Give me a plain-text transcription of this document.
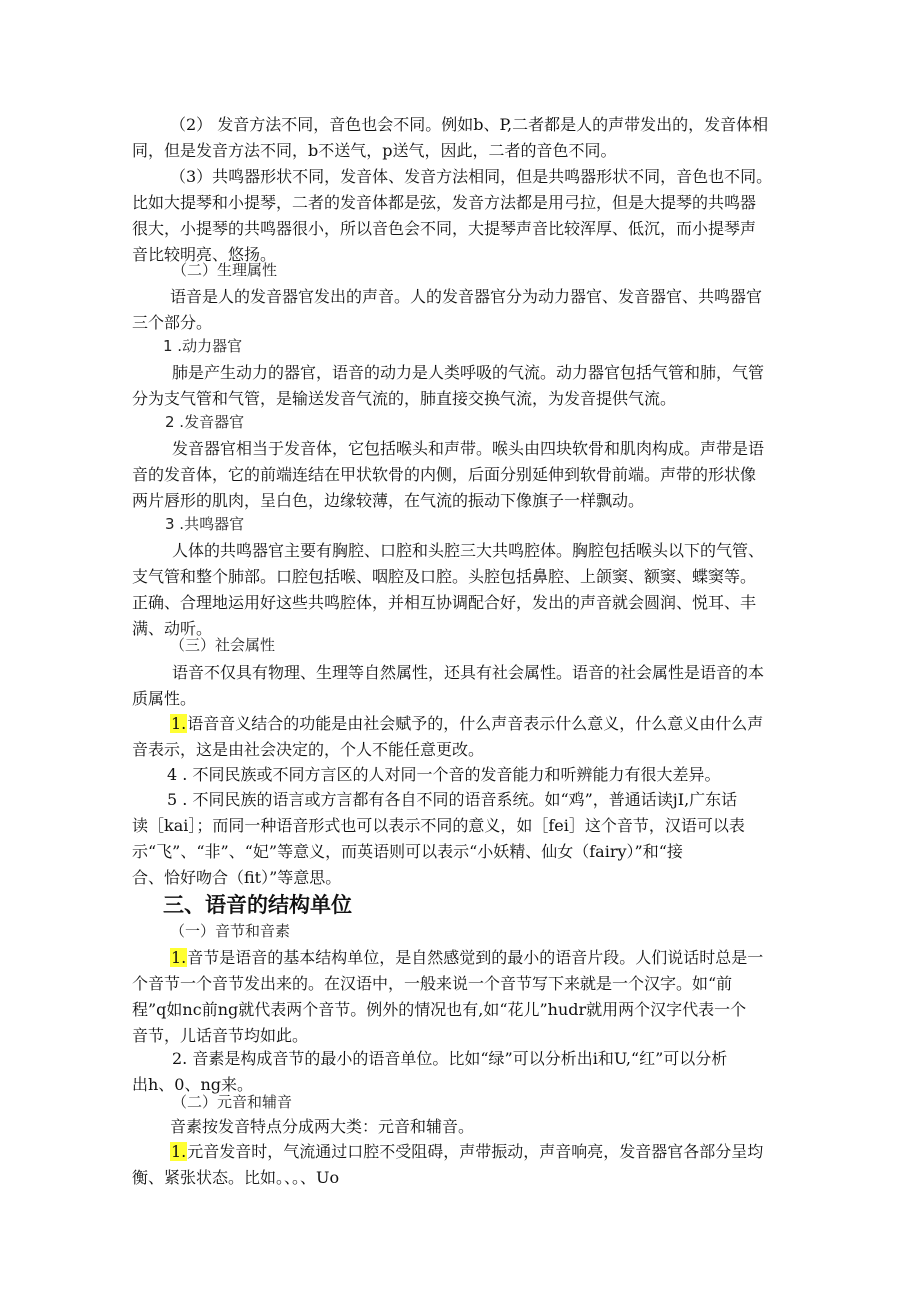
（2） 发音方法不同，音色也会不同。例如b、P,二者都是人的声带发出的，发音体相
同，但是发音方法不同，b不送气，p送气，因此，二者的音色不同。
（3）共鸣器形状不同，发音体、发音方法相同，但是共鸣器形状不同，音色也不同。
比如大提琴和小提琴，二者的发音体都是弦，发音方法都是用弓拉，但是大提琴的共鸣器
很大，小提琴的共鸣器很小，所以音色会不同，大提琴声音比较浑厚、低沉，而小提琴声
音比较明亮、悠扬。
（二）生理属性
语音是人的发音器官发出的声音。人的发音器官分为动力器官、发音器官、共鸣器官
三个部分。
1 .动力器官
肺是产生动力的器官，语音的动力是人类呼吸的气流。动力器官包括气管和肺，气管
分为支气管和气管，是输送发音气流的，肺直接交换气流，为发音提供气流。
2 .发音器官
发音器官相当于发音体，它包括喉头和声带。喉头由四块软骨和肌肉构成。声带是语
音的发音体，它的前端连结在甲状软骨的内侧，后面分别延伸到软骨前端。声带的形状像
两片唇形的肌肉，呈白色，边缘较薄，在气流的振动下像旗子一样飘动。
3 .共鸣器官
人体的共鸣器官主要有胸腔、口腔和头腔三大共鸣腔体。胸腔包括喉头以下的气管、
支气管和整个肺部。口腔包括喉、咽腔及口腔。头腔包括鼻腔、上颌窦、额窦、蝶窦等。
正确、合理地运用好这些共鸣腔体，并相互协调配合好，发出的声音就会圆润、悦耳、丰
满、动听。
（三）社会属性
语音不仅具有物理、生理等自然属性，还具有社会属性。语音的社会属性是语音的本
质属性。
1.语音音义结合的功能是由社会赋予的，什么声音表示什么意义，什么意义由什么声
音表示，这是由社会决定的，个人不能任意更改。
4 . 不同民族或不同方言区的人对同一个音的发音能力和听辨能力有很大差异。
5 . 不同民族的语言或方言都有各自不同的语音系统。如“鸡”，普通话读jI,广东话
读［kai］；而同一种语音形式也可以表示不同的意义，如［fei］这个音节，汉语可以表
示“飞”、“非”、“妃”等意义，而英语则可以表示“小妖精、仙女（fairy）”和“接
合、恰好吻合（fit）”等意思。
三、语音的结构单位
（一）音节和音素
1.音节是语音的基本结构单位，是自然感觉到的最小的语音片段。人们说话时总是一
个音节一个音节发出来的。在汉语中，一般来说一个音节写下来就是一个汉字。如“前
程”q如nc前ng就代表两个音节。例外的情况也有,如“花儿”hudr就用两个汉字代表一个
音节，儿话音节均如此。
2. 音素是构成音节的最小的语音单位。比如“绿”可以分析出i和U,“红”可以分析
出h、0、ng来。
（二）元音和辅音
音素按发音特点分成两大类：元音和辅音。
1.元音发音时，气流通过口腔不受阻碍，声带振动，声音响亮，发音器官各部分呈均
衡、紧张状态。比如。、。、Uo
